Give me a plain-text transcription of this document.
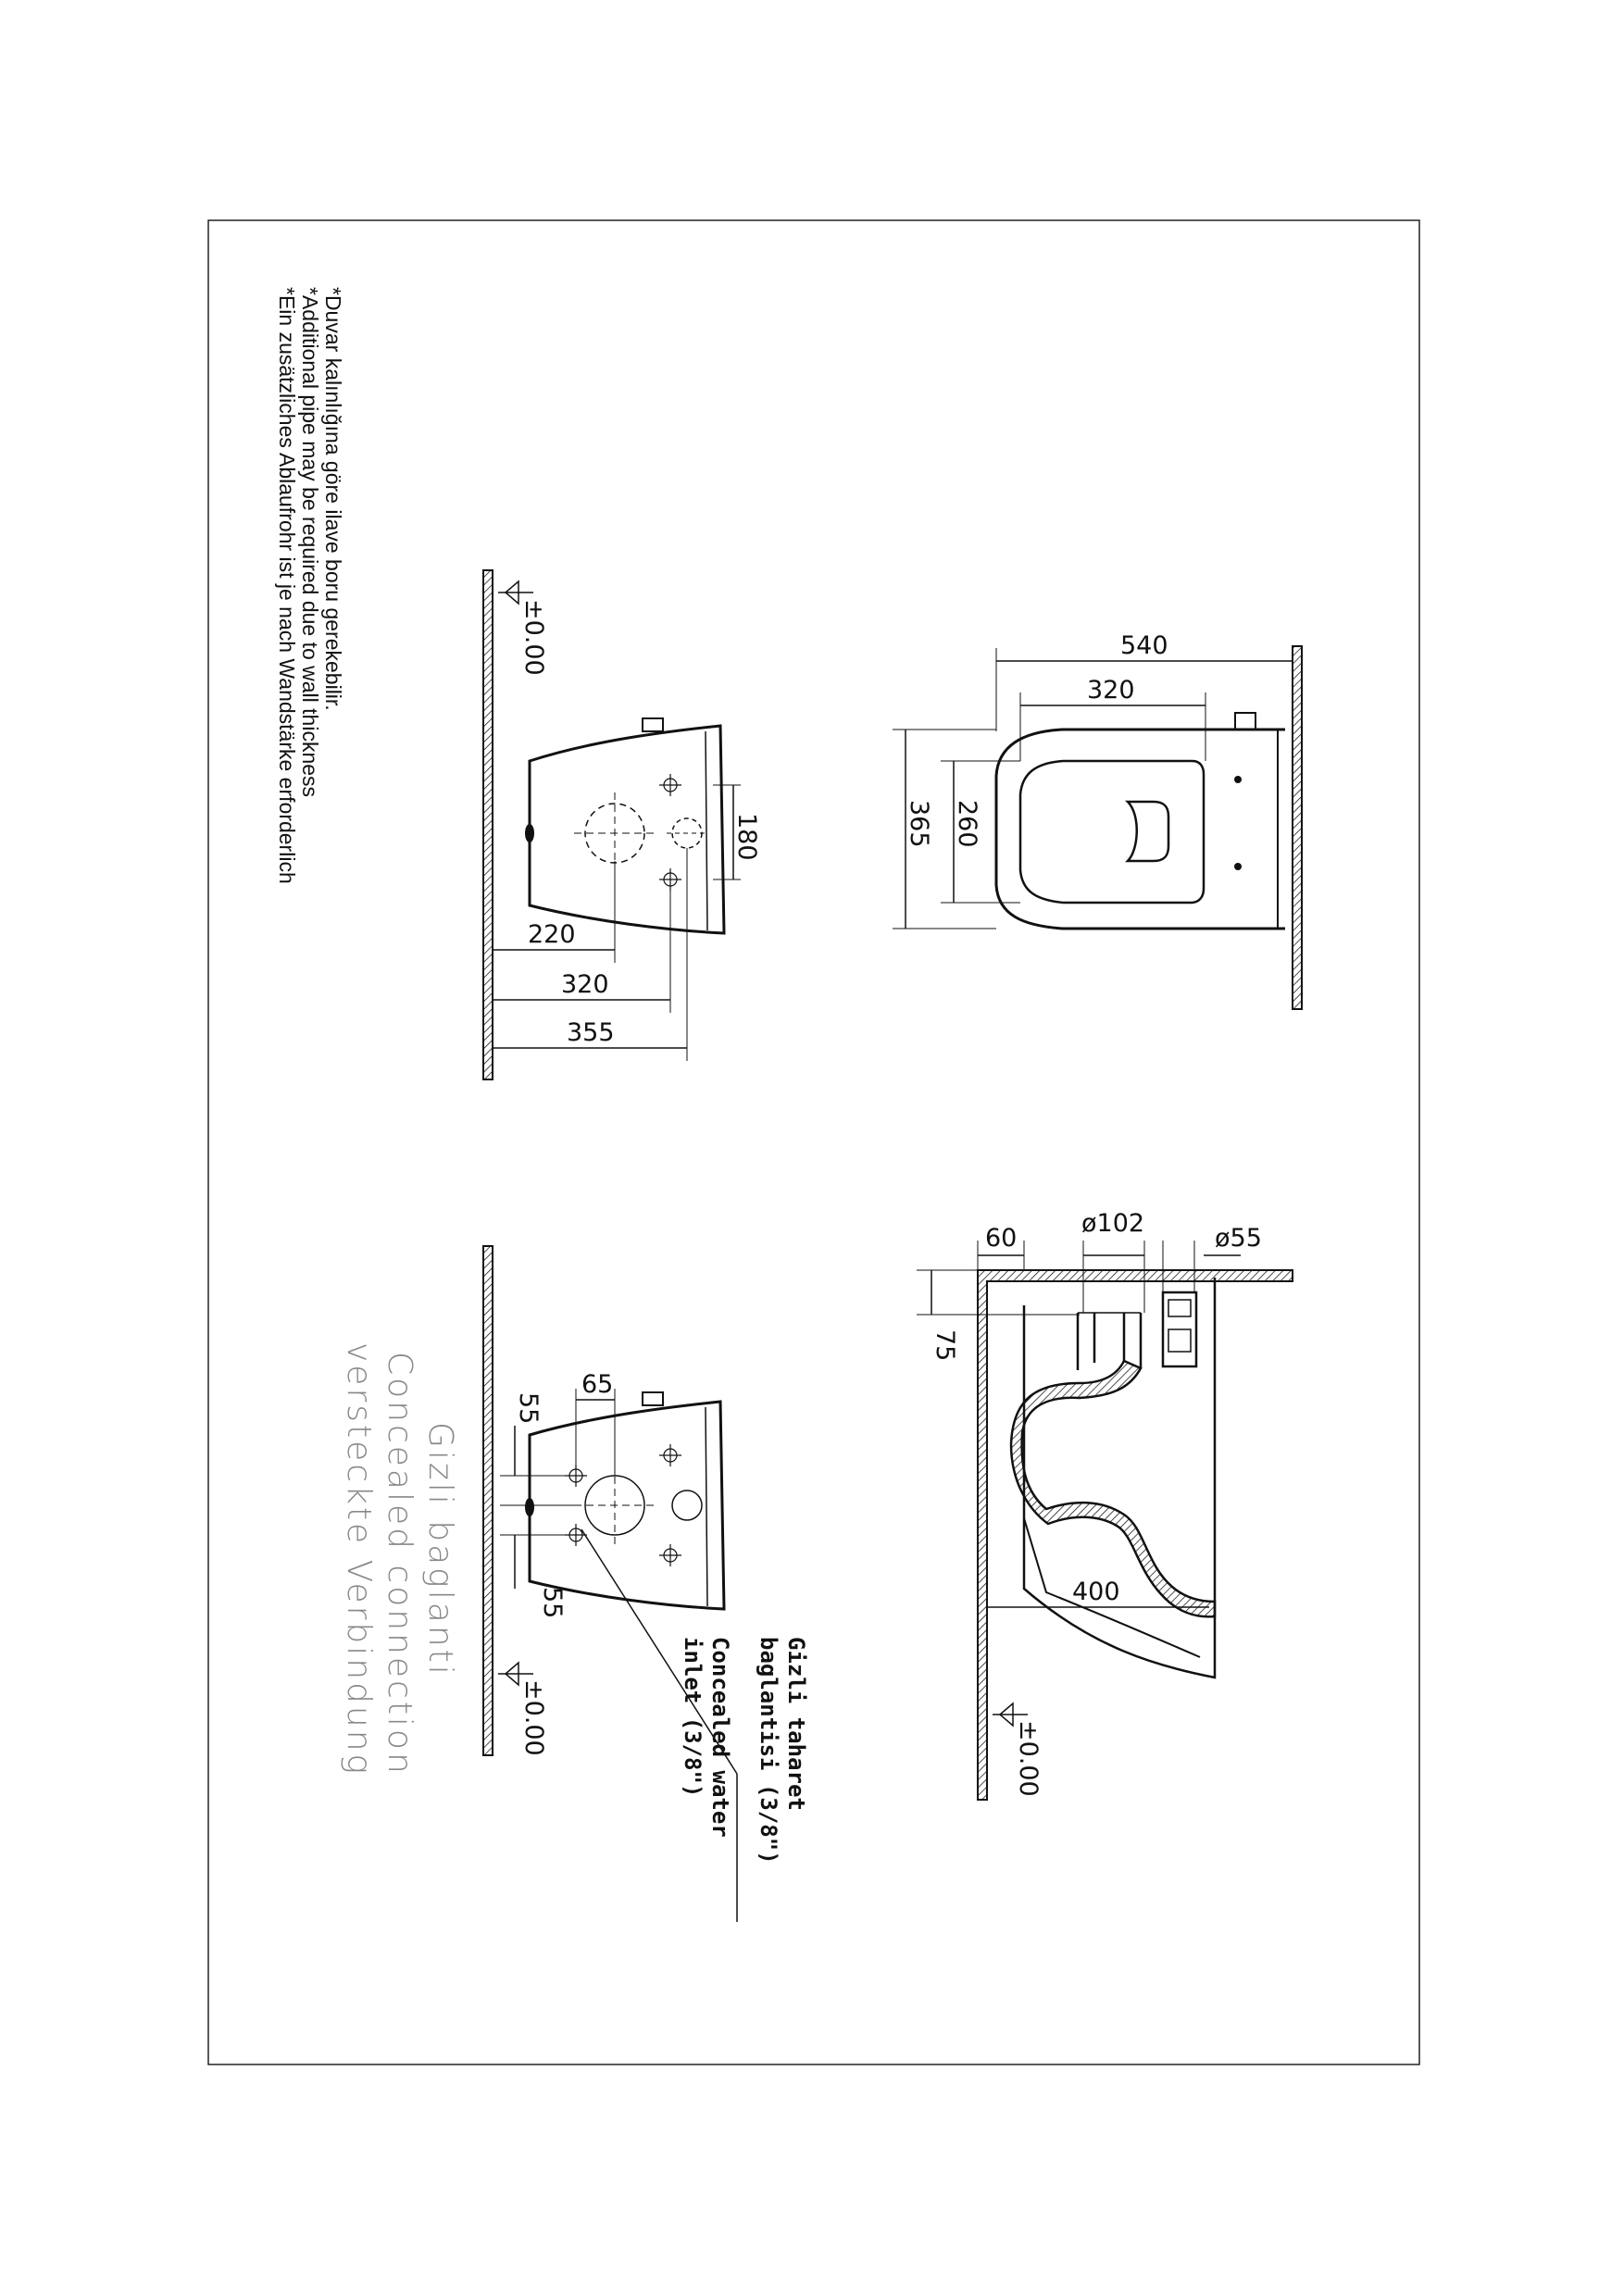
*Duvar kalınlığına göre ilave boru gerekebilir.
*Additional pipe may be required due to wall thickness
*Ein zusätzliches Ablaufrohr ist je nach Wandstärke erforderlich	±0.00
180
220
320
355
540
320
365 260
65
55
55
±0.00
Gizli baglanti
Concealed connection
versteckte Verbindung	Gizli taharet
baglantisi (3/8")
Concealed water
inlet (3/8")
60
ø102
ø55
75
400
±0.00
